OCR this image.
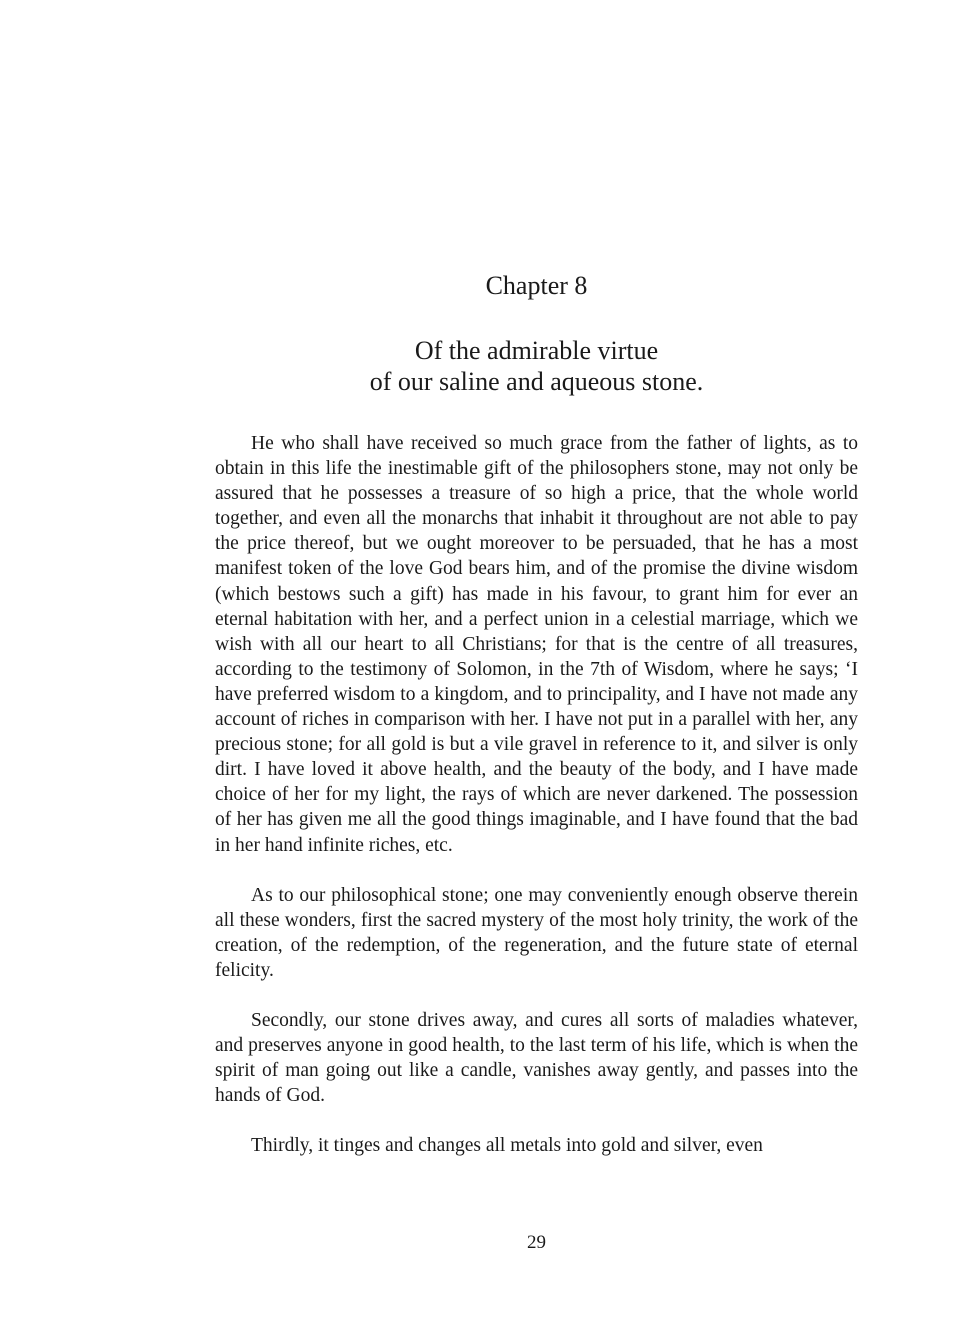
Chapter 8
Of the admirable virtue
of our saline and aqueous stone.

He who shall have received so much grace from the father of lights, as to obtain in this life the inestimable gift of the philosophers stone, may not only be assured that he possesses a treasure of so high a price, that the whole world together, and even all the monarchs that inhabit it throughout are not able to pay the price thereof, but we ought moreover to be persuaded, that he has a most manifest token of the love God bears him, and of the promise the divine wisdom (which bestows such a gift) has made in his favour, to grant him for ever an eternal habitation with her, and a perfect union in a celestial marriage, which we wish with all our heart to all Christians; for that is the centre of all treasures, according to the testimony of Solomon, in the 7th of Wisdom, where he says; ‘I have preferred wisdom to a kingdom, and to principality, and I have not made any account of riches in comparison with her. I have not put in a parallel with her, any precious stone; for all gold is but a vile gravel in reference to it, and silver is only dirt. I have loved it above health, and the beauty of the body, and I have made choice of her for my light, the rays of which are never darkened. The possession of her has given me all the good things imaginable, and I have found that the bad in her hand infinite riches, etc.

As to our philosophical stone; one may conveniently enough observe therein all these wonders, first the sacred mystery of the most holy trinity, the work of the creation, of the redemption, of the regeneration, and the future state of eternal felicity.

Secondly, our stone drives away, and cures all sorts of maladies whatever, and preserves anyone in good health, to the last term of his life, which is when the spirit of man going out like a candle, vanishes away gently, and passes into the hands of God.

Thirdly, it tinges and changes all metals into gold and silver, even

29
